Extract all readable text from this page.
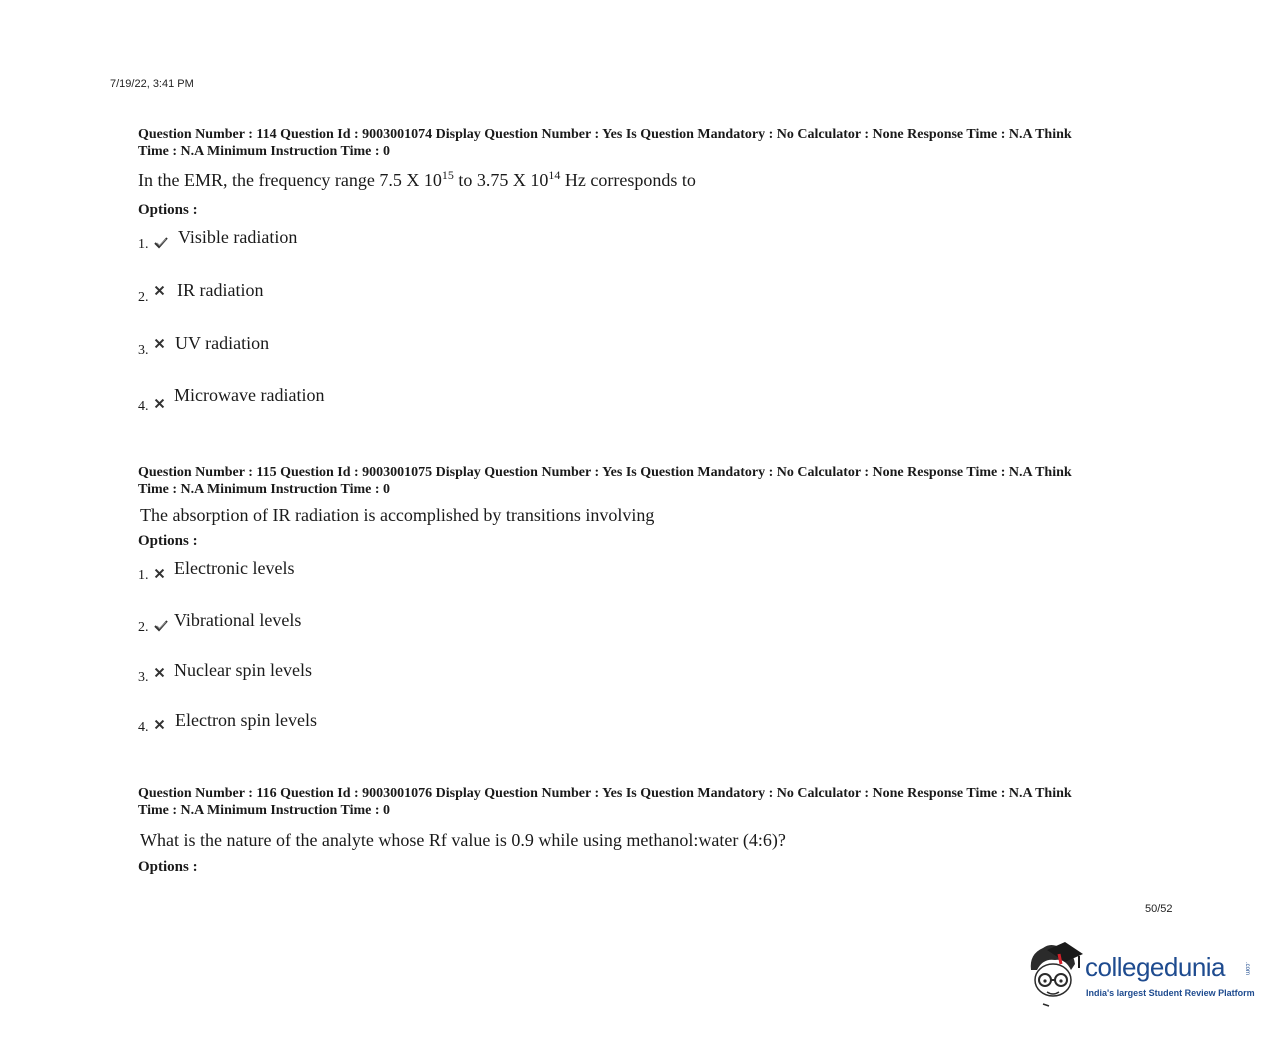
7/19/22, 3:41 PM

Question Number : 114 Question Id : 9003001074 Display Question Number : Yes Is Question Mandatory : No Calculator : None Response Time : N.A Think
Time : N.A Minimum Instruction Time : 0

In the EMR, the frequency range 7.5 X $10^{15}$ to 3.75 X $10^{14}$ Hz corresponds to

Options :

1. Visible radiation
2. IR radiation
3. UV radiation
4.
Microwave radiation

Question Number : 115 Question Id : 9003001075 Display Question Number : Yes Is Question Mandatory : No Calculator : None Response Time : N.A Think
Time : N.A Minimum Instruction Time : 0

The absorption of IR radiation is accomplished by transitions involving

Options :

1. Electronic levels
2. Vibrational levels
3. Nuclear spin levels
4. Electron spin levels

Question Number : 116 Question Id : 9003001076 Display Question Number : Yes Is Question Mandatory : No Calculator : None Response Time : N.A Think
Time : N.A Minimum Instruction Time : 0

What is the nature of the analyte whose Rf value is 0.9 while using methanol:water (4:6)?

Options :

50/52
collegedunia	.com
India's largest Student Review Platform
